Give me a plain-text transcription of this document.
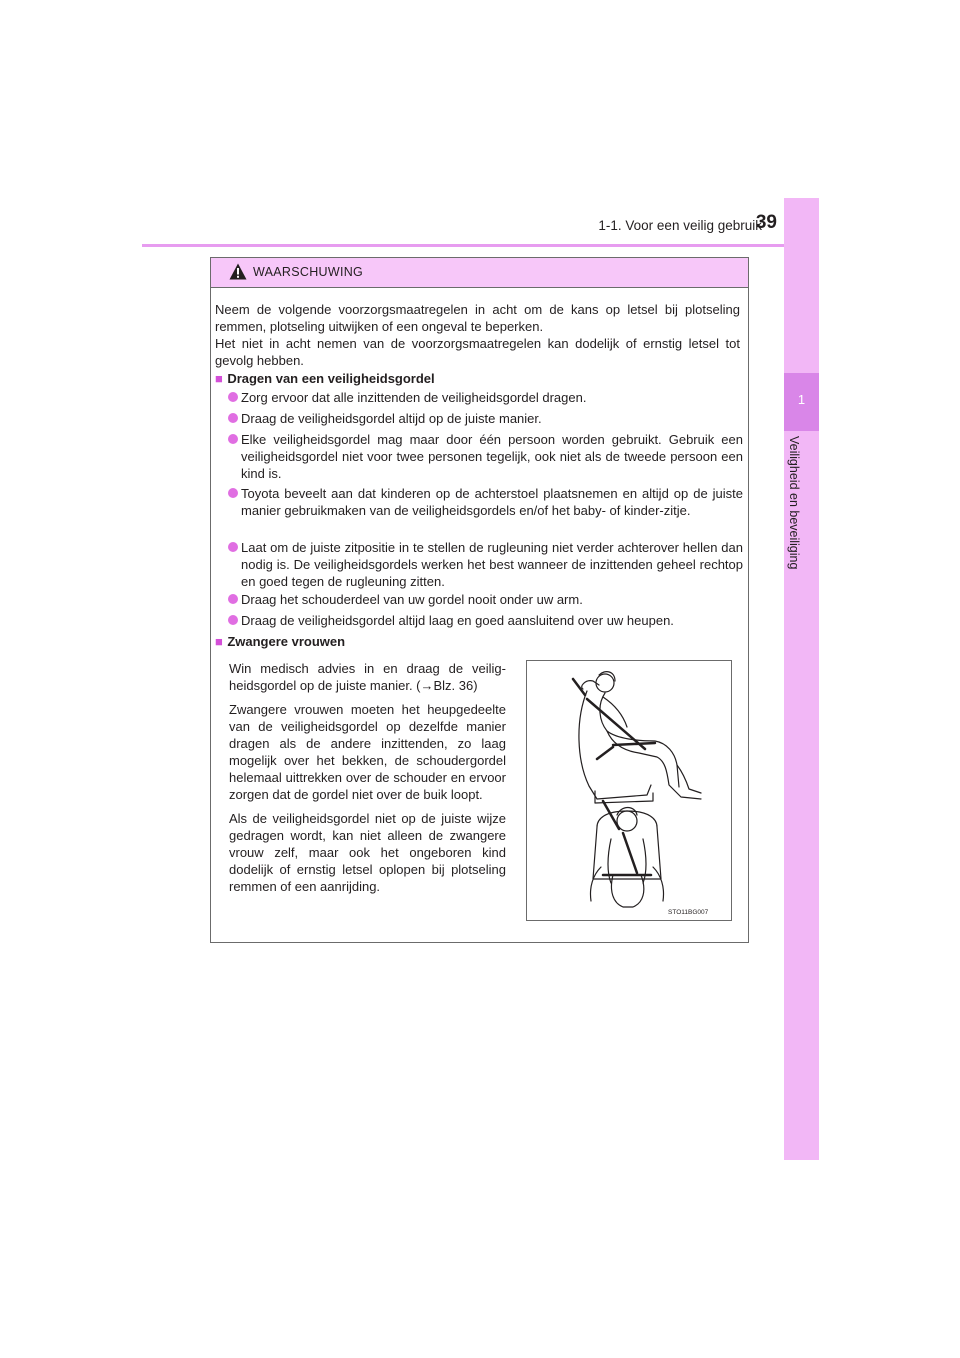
1-1. Voor een veilig gebruik
39
1
Veiligheid en beveiliging
WAARSCHUWING
Neem de volgende voorzorgsmaatregelen in acht om de kans op letsel bij plotseling remmen, plotseling uitwijken of een ongeval te beperken.
Het niet in acht nemen van de voorzorgsmaatregelen kan dodelijk of ernstig letsel tot gevolg hebben.
■ Dragen van een veiligheidsgordel
Zorg ervoor dat alle inzittenden de veiligheidsgordel dragen.
Draag de veiligheidsgordel altijd op de juiste manier.
Elke veiligheidsgordel mag maar door één persoon worden gebruikt. Gebruik een veiligheidsgordel niet voor twee personen tegelijk, ook niet als de tweede persoon een kind is.
Toyota beveelt aan dat kinderen op de achterstoel plaatsnemen en altijd op de juiste manier gebruikmaken van de veiligheidsgordels en/of het baby- of kinder-zitje.
Laat om de juiste zitpositie in te stellen de rugleuning niet verder achterover hellen dan nodig is. De veiligheidsgordels werken het best wanneer de inzittenden geheel rechtop en goed tegen de rugleuning zitten.
Draag het schouderdeel van uw gordel nooit onder uw arm.
Draag de veiligheidsgordel altijd laag en goed aansluitend over uw heupen.
■ Zwangere vrouwen

Win medisch advies in en draag de veilig-heidsgordel op de juiste manier. (→Blz. 36)

Zwangere vrouwen moeten het heupgedeelte van de veiligheidsgordel op dezelfde manier dragen als de andere inzittenden, zo laag mogelijk over het bekken, de schoudergordel helemaal uittrekken over de schouder en ervoor zorgen dat de gordel niet over de buik loopt.

Als de veiligheidsgordel niet op de juiste wijze gedragen wordt, kan niet alleen de zwangere vrouw zelf, maar ook het ongeboren kind dodelijk of ernstig letsel oplopen bij plotseling remmen of een aanrijding.

STO11BG007
